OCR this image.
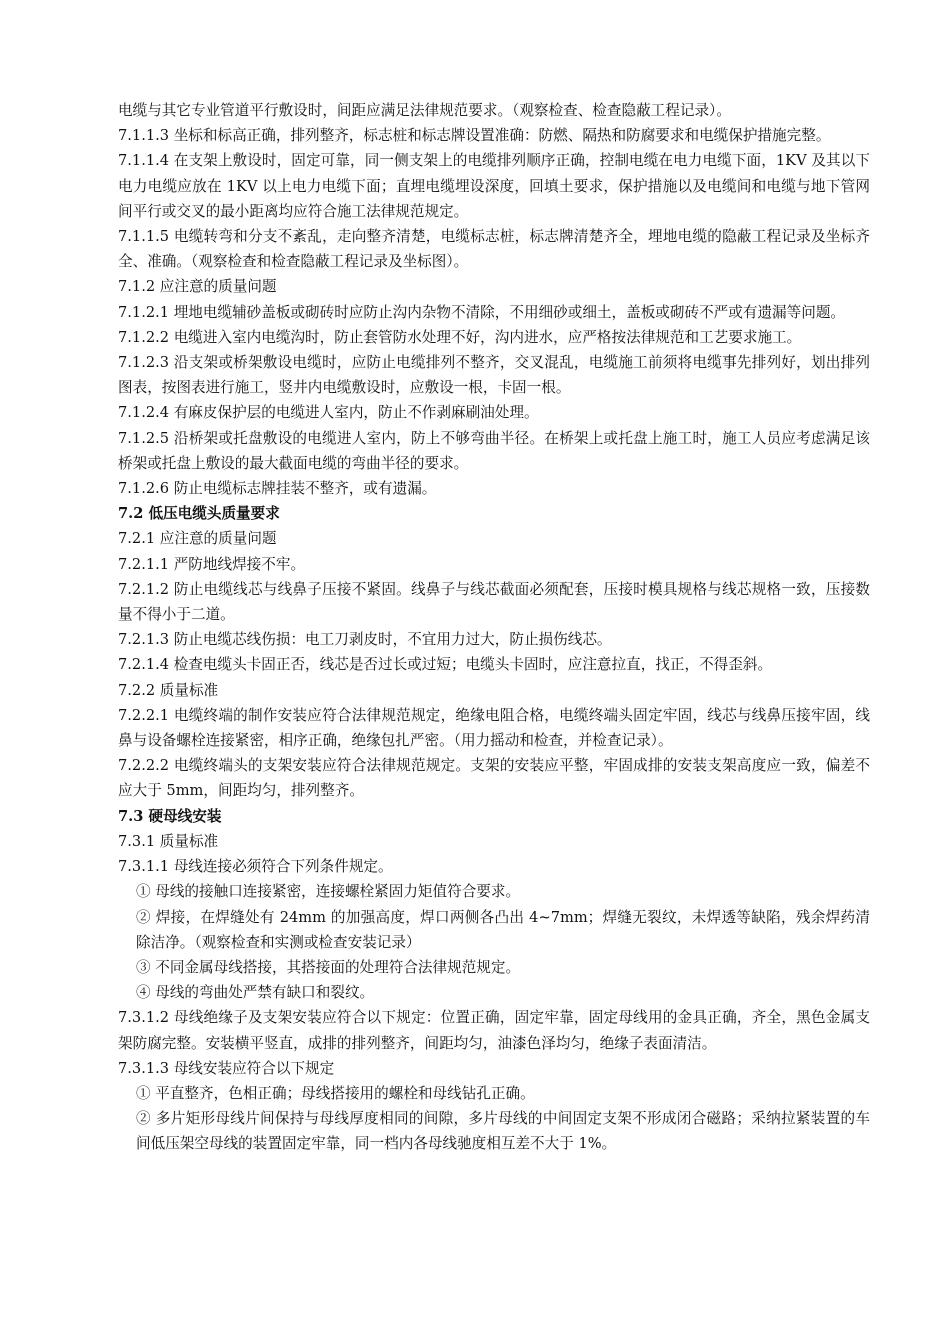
电缆与其它专业管道平行敷设时，间距应满足法律规范要求。（观察检查、检查隐蔽工程记录）。

7.1.1.3 坐标和标高正确，排列整齐，标志桩和标志牌设置准确：防燃、隔热和防腐要求和电缆保护措施完整。

7.1.1.4 在支架上敷设时，固定可靠，同一侧支架上的电缆排列顺序正确，控制电缆在电力电缆下面，1KV 及其以下电力电缆应放在 1KV 以上电力电缆下面；直埋电缆埋设深度，回填土要求，保护措施以及电缆间和电缆与地下管网间平行或交叉的最小距离均应符合施工法律规范规定。

7.1.1.5 电缆转弯和分支不紊乱，走向整齐清楚，电缆标志桩，标志牌清楚齐全，埋地电缆的隐蔽工程记录及坐标齐全、准确。（观察检查和检查隐蔽工程记录及坐标图）。

7.1.2 应注意的质量问题

7.1.2.1 埋地电缆辅砂盖板或砌砖时应防止沟内杂物不清除，不用细砂或细土，盖板或砌砖不严或有遗漏等问题。

7.1.2.2 电缆进入室内电缆沟时，防止套管防水处理不好，沟内进水，应严格按法律规范和工艺要求施工。

7.1.2.3 沿支架或桥架敷设电缆时，应防止电缆排列不整齐，交叉混乱，电缆施工前须将电缆事先排列好，划出排列图表，按图表进行施工，竖井内电缆敷设时，应敷设一根，卡固一根。

7.1.2.4 有麻皮保护层的电缆进人室内，防止不作剥麻刷油处理。

7.1.2.5 沿桥架或托盘敷设的电缆进人室内，防上不够弯曲半径。在桥架上或托盘上施工时，施工人员应考虑满足该桥架或托盘上敷设的最大截面电缆的弯曲半径的要求。

7.1.2.6 防止电缆标志牌挂装不整齐，或有遗漏。

7.2 低压电缆头质量要求

7.2.1 应注意的质量问题

7.2.1.1 严防地线焊接不牢。

7.2.1.2 防止电缆线芯与线鼻子压接不紧固。线鼻子与线芯截面必须配套，压接时模具规格与线芯规格一致，压接数量不得小于二道。

7.2.1.3 防止电缆芯线伤损：电工刀剥皮时，不宜用力过大，防止损伤线芯。

7.2.1.4 检查电缆头卡固正否，线芯是否过长或过短；电缆头卡固时，应注意拉直，找正，不得歪斜。

7.2.2 质量标准

7.2.2.1 电缆终端的制作安装应符合法律规范规定，绝缘电阻合格，电缆终端头固定牢固，线芯与线鼻压接牢固，线鼻与设备螺栓连接紧密，相序正确，绝缘包扎严密。（用力摇动和检查，并检查记录）。

7.2.2.2 电缆终端头的支架安装应符合法律规范规定。支架的安装应平整，牢固成排的安装支架高度应一致，偏差不应大于 5mm，间距均匀，排列整齐。

7.3 硬母线安装

7.3.1 质量标准

7.3.1.1 母线连接必须符合下列条件规定。

① 母线的接触口连接紧密，连接螺栓紧固力矩值符合要求。

② 焊接，在焊缝处有 24mm 的加强高度，焊口两侧各凸出 4~7mm；焊缝无裂纹，未焊透等缺陷，残余焊药清除洁净。（观察检查和实测或检查安装记录）

③ 不同金属母线搭接，其搭接面的处理符合法律规范规定。

④ 母线的弯曲处严禁有缺口和裂纹。

7.3.1.2 母线绝缘子及支架安装应符合以下规定：位置正确，固定牢靠，固定母线用的金具正确，齐全，黑色金属支架防腐完整。安装横平竖直，成排的排列整齐，间距均匀，油漆色泽均匀，绝缘子表面清洁。

7.3.1.3 母线安装应符合以下规定

① 平直整齐，色相正确；母线搭接用的螺栓和母线钻孔正确。

② 多片矩形母线片间保持与母线厚度相同的间隙，多片母线的中间固定支架不形成闭合磁路；采纳拉紧装置的车间低压架空母线的装置固定牢靠，同一档内各母线驰度相互差不大于 1%。
